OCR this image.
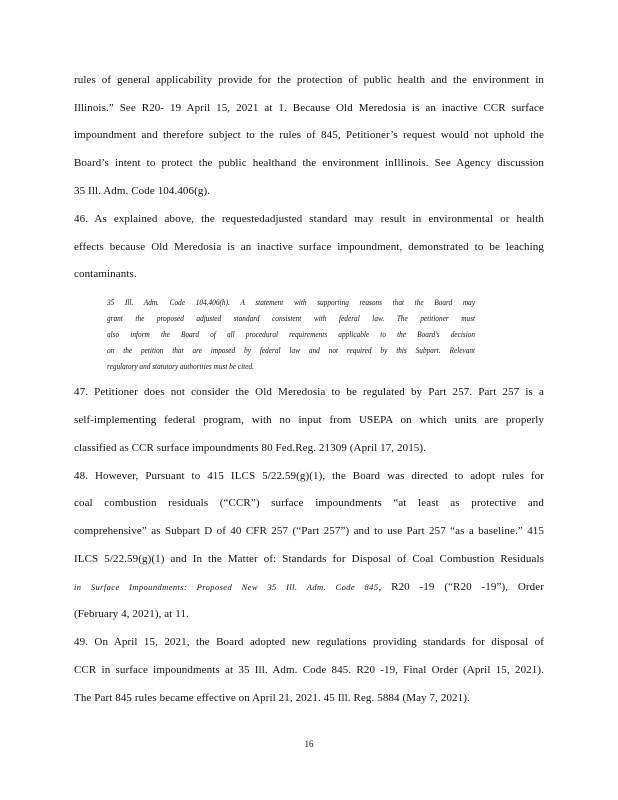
rules of general applicability provide for the protection of public health and the environment in
Illinois.” See R20- 19 April 15, 2021 at 1. Because Old Meredosia is an inactive CCR surface
impoundment and therefore subject to the rules of 845, Petitioner’s request would not uphold the
Board’s intent to protect the public healthand the environment inIllinois. See Agency discussion
35 Ill. Adm. Code 104.406(g).
46. As explained above, the requestedadjusted standard may result in environmental or health
effects because Old Meredosia is an inactive surface impoundment, demonstrated to be leaching
contaminants.
35 Ill. Adm. Code 104.406(h). A statement with supporting reasons that the Board may
grant the proposed adjusted standard consistent with federal law. The petitioner must
also inform the Board of all procedural requirements applicable to the Board's decision
on the petition that are imposed by federal law and not required by this Subpart. Relevant
regulatory and statutory authorities must be cited.
47. Petitioner does not consider the Old Meredosia to be regulated by Part 257. Part 257 is a
self-implementing federal program, with no input from USEPA on which units are properly
classified as CCR surface impoundments 80 Fed.Reg. 21309 (April 17, 2015).
48. However, Pursuant to 415 ILCS 5/22.59(g)(1), the Board was directed to adopt rules for
coal combustion residuals (“CCR”) surface impoundments “at least as protective and
comprehensive” as Subpart D of 40 CFR 257 (“Part 257”) and to use Part 257 “as a baseline.” 415
ILCS 5/22.59(g)(1) and In the Matter of: Standards for Disposal of Coal Combustion Residuals
in Surface Impoundments: Proposed New 35 Ill. Adm. Code 845, R20 -19 (“R20 -19”), Order
(February 4, 2021), at 11.
49. On April 15, 2021, the Board adopted new regulations providing standards for disposal of
CCR in surface impoundments at 35 Ill. Adm. Code 845. R20 -19, Final Order (April 15, 2021).
The Part 845 rules became effective on April 21, 2021. 45 Ill. Reg. 5884 (May 7, 2021).
16
